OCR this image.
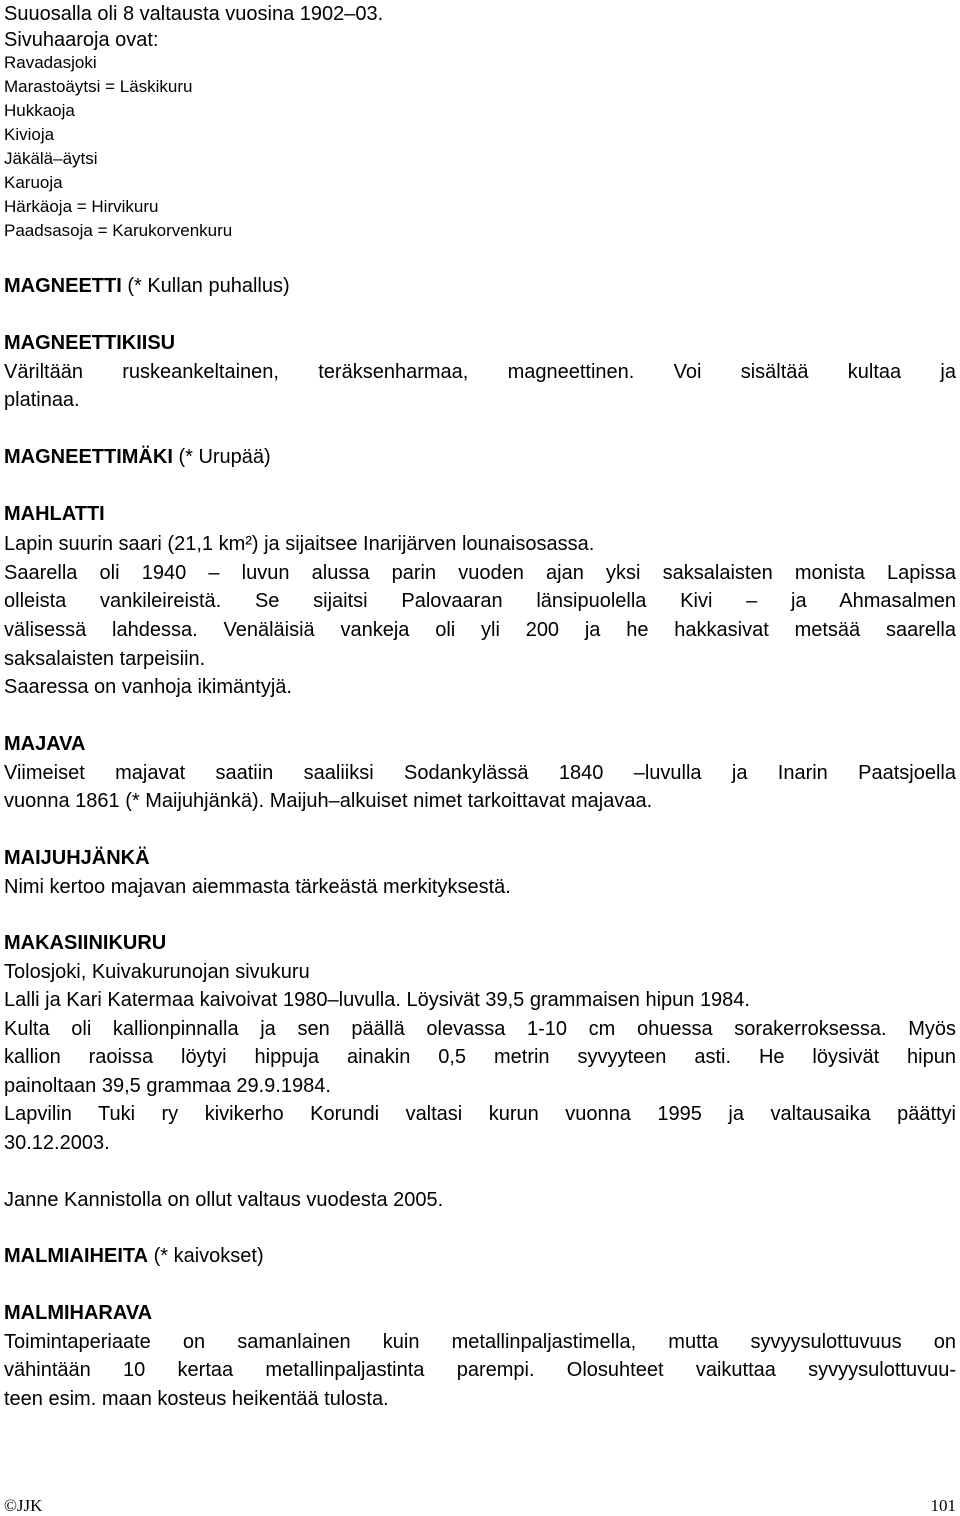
Suuosalla oli 8 valtausta vuosina 1902–03.
Sivuhaaroja ovat:
Ravadasjoki
Marastoäytsi = Läskikuru
Hukkaoja
Kivioja
Jäkälä–äytsi
Karuoja
Härkäoja = Hirvikuru
Paadsasoja = Karukorvenkuru
MAGNEETTI (* Kullan puhallus)
MAGNEETTIKIISU
Väriltään ruskeankeltainen, teräksenharmaa, magneettinen. Voi sisältää kultaa ja
platinaa.
MAGNEETTIMÄKI (* Urupää)
MAHLATTI
Lapin suurin saari (21,1 km²) ja sijaitsee Inarijärven lounaisosassa.
Saarella oli 1940 – luvun alussa parin vuoden ajan yksi saksalaisten monista Lapissa
olleista vankileireistä. Se sijaitsi Palovaaran länsipuolella Kivi – ja Ahmasalmen
välisessä lahdessa. Venäläisiä vankeja oli yli 200 ja he hakkasivat metsää saarella
saksalaisten tarpeisiin.
Saaressa on vanhoja ikimäntyjä.
MAJAVA
Viimeiset majavat saatiin saaliiksi Sodankylässä 1840 –luvulla ja Inarin Paatsjoella
vuonna 1861 (* Maijuhjänkä). Maijuh–alkuiset nimet tarkoittavat majavaa.
MAIJUHJÄNKÄ
Nimi kertoo majavan aiemmasta tärkeästä merkityksestä.
MAKASIINIKURU
Tolosjoki, Kuivakurunojan sivukuru
Lalli ja Kari Katermaa kaivoivat 1980–luvulla. Löysivät 39,5 grammaisen hipun 1984.
Kulta oli kallionpinnalla ja sen päällä olevassa 1-10 cm ohuessa sorakerroksessa. Myös
kallion raoissa löytyi hippuja ainakin 0,5 metrin syvyyteen asti. He löysivät hipun
painoltaan 39,5 grammaa 29.9.1984.
Lapvilin Tuki ry kivikerho Korundi valtasi kurun vuonna 1995 ja valtausaika päättyi
30.12.2003.
Janne Kannistolla on ollut valtaus vuodesta 2005.
MALMIAIHEITA (* kaivokset)
MALMIHARAVA
Toimintaperiaate on samanlainen kuin metallinpaljastimella, mutta syvyysulottuvuus on
vähintään 10 kertaa metallinpaljastinta parempi. Olosuhteet vaikuttaa syvyysulottuvuu-
teen esim. maan kosteus heikentää tulosta.
©JJK	101
